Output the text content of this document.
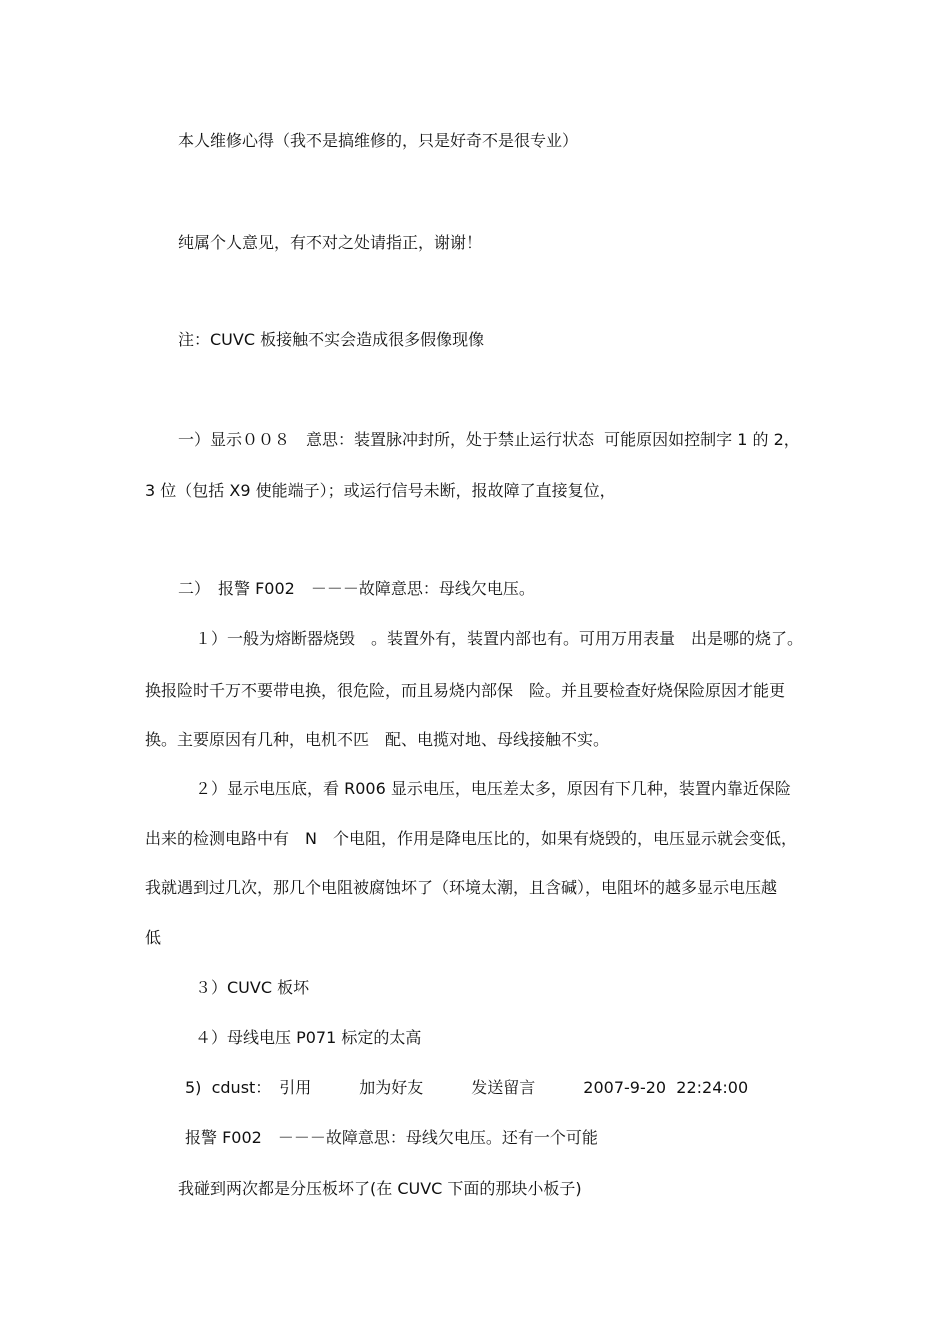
本人维修心得（我不是搞维修的，只是好奇不是很专业）
纯属个人意见，有不对之处请指正，谢谢！
注：CUVC 板接触不实会造成很多假像现像
一）显示００８　意思：装置脉冲封所，处于禁止运行状态  可能原因如控制字 1 的 2，
3 位（包括 X9 使能端子）；或运行信号未断，报故障了直接复位，
二）　报警 F002　－－－故障意思：母线欠电压。
１）一般为熔断器烧毁　。装置外有，装置内部也有。可用万用表量　出是哪的烧了。
换报险时千万不要带电换，很危险，而且易烧内部保　险。并且要检查好烧保险原因才能更
换。主要原因有几种，电机不匹　配、电揽对地、母线接触不实。
２）显示电压底，看 R006 显示电压，电压差太多，原因有下几种，装置内靠近保险
出来的检测电路中有　N　个电阻，作用是降电压比的，如果有烧毁的，电压显示就会变低，
我就遇到过几次，那几个电阻被腐蚀坏了（环境太潮，且含碱），电阻坏的越多显示电压越
低
３）CUVC 板坏
４）母线电压 P071 标定的太高
5)  cdust：　引用　　　加为好友　　　发送留言　　　2007-9-20  22:24:00
报警 F002　－－－故障意思：母线欠电压。还有一个可能
我碰到两次都是分压板坏了(在 CUVC 下面的那块小板子)
